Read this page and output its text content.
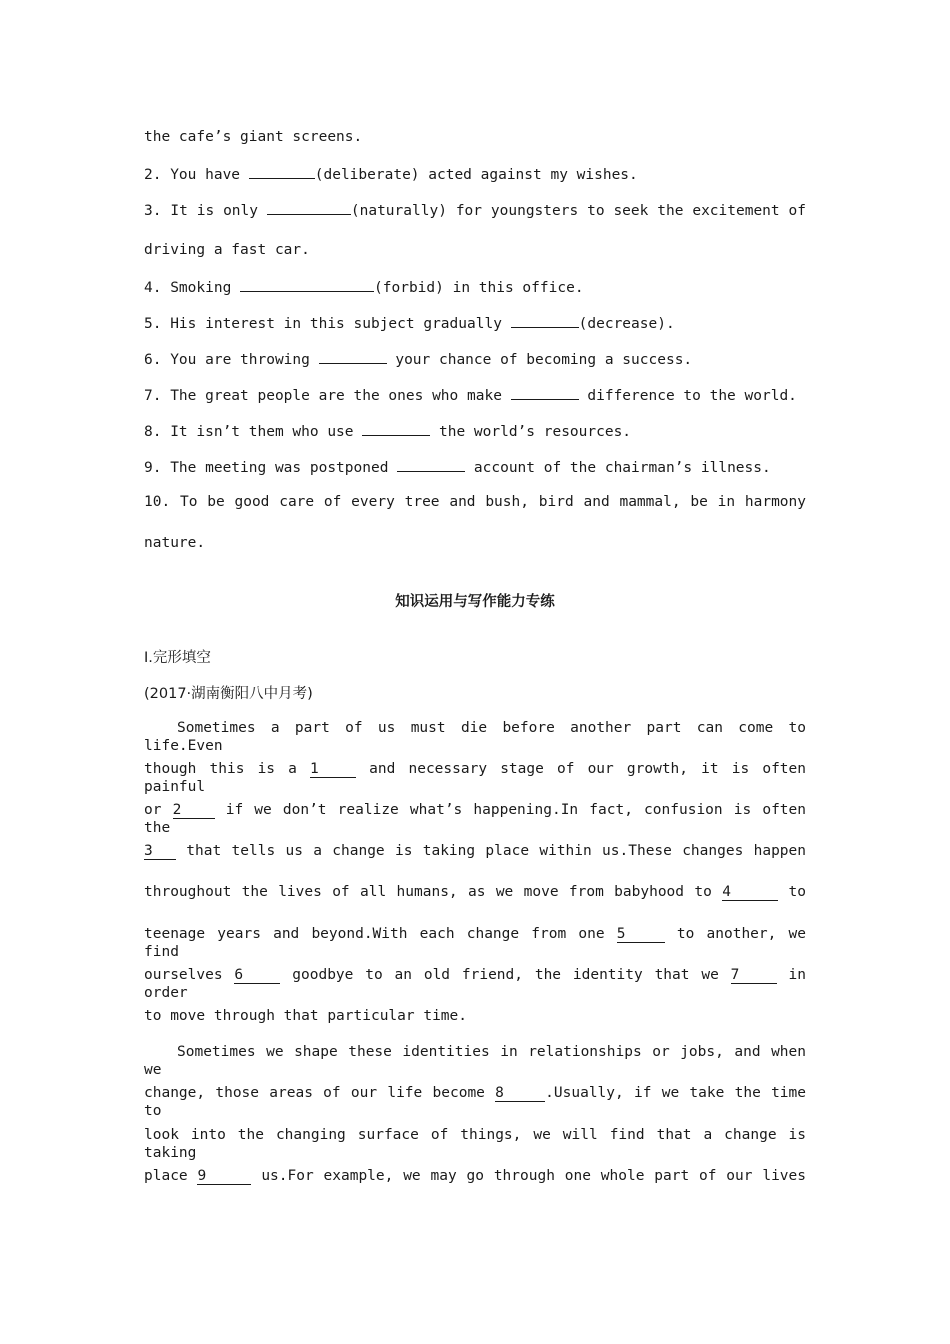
the cafe’s giant screens.

2. You have	(deliberate) acted against my wishes.

3. It is only	(naturally) for youngsters to seek the excitement of

driving a fast car.

4. Smoking	(forbid) in this office.

5. His interest in this subject gradually	(decrease).

6. You are throwing	your chance of becoming a success.

7. The great people are the ones who make	difference to the world.

8. It isn’t them who use	the world’s resources.

9. The meeting was postponed	account of the chairman’s illness.

10. To be good care of every tree and bush, bird and mammal, be in harmony

nature.

知识运用与写作能力专练

Ⅰ.完形填空

(2017·湖南衡阳八中月考)

Sometimes a part of us must die before another part can come to life.Even

though this is a 1	and necessary stage of our growth, it is often painful

or 2 if we don’t realize what’s happening.In fact, confusion is often the

3 that tells us a change is taking place within us.These changes happen

throughout the lives of all humans, as we move from babyhood to 4	to

teenage years and beyond.With each change from one 5	to another, we find

ourselves 6	goodbye to an old friend, the identity that we 7	in order

to move through that particular time.

Sometimes we shape these identities in relationships or jobs, and when we

change, those areas of our life become 8	.Usually, if we take the time to

look into the changing surface of things, we will find that a change is taking

place 9	us.For example, we may go through one whole part of our lives
